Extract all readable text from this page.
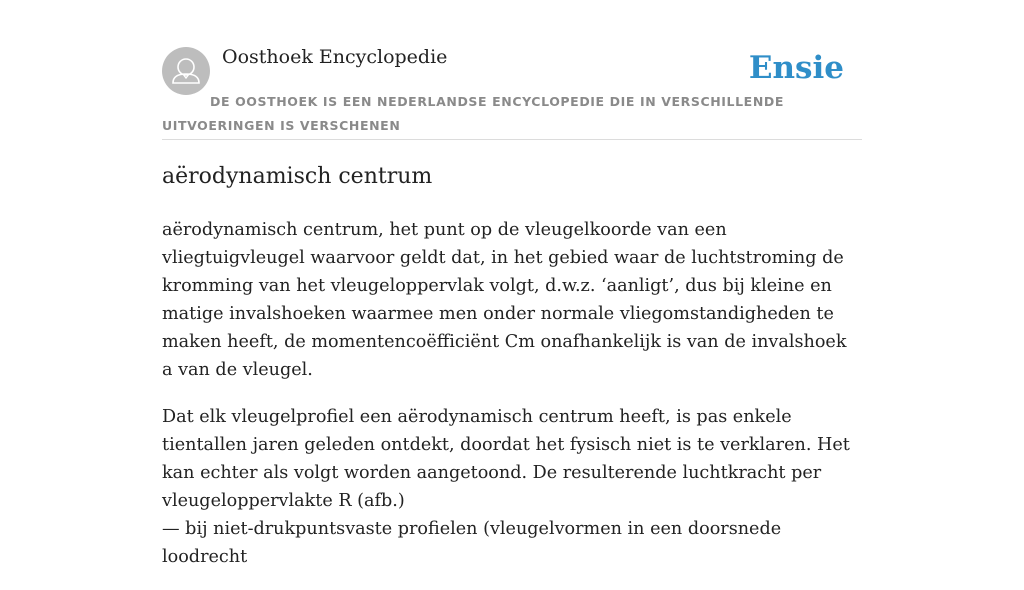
Oosthoek Encyclopedie	Ensie
DE OOSTHOEK IS EEN NEDERLANDSE ENCYCLOPEDIE DIE IN VERSCHILLENDE UITVOERINGEN IS VERSCHENEN
aërodynamisch centrum

aërodynamisch centrum, het punt op de vleugelkoorde van een vliegtuigvleugel waarvoor geldt dat, in het gebied waar de luchtstroming de kromming van het vleugeloppervlak volgt, d.w.z. ‘aanligt’, dus bij kleine en matige invalshoeken waarmee men onder normale vliegomstandigheden te maken heeft, de momentencoëfficiënt Cm onafhankelijk is van de invalshoek a van de vleugel.

Dat elk vleugelprofiel een aërodynamisch centrum heeft, is pas enkele tientallen jaren geleden ontdekt, doordat het fysisch niet is te verklaren. Het kan echter als volgt worden aangetoond. De resulterende luchtkracht per vleugeloppervlakte R (afb.)
— bij niet-drukpuntsvaste profielen (vleugelvormen in een doorsnede loodrecht
